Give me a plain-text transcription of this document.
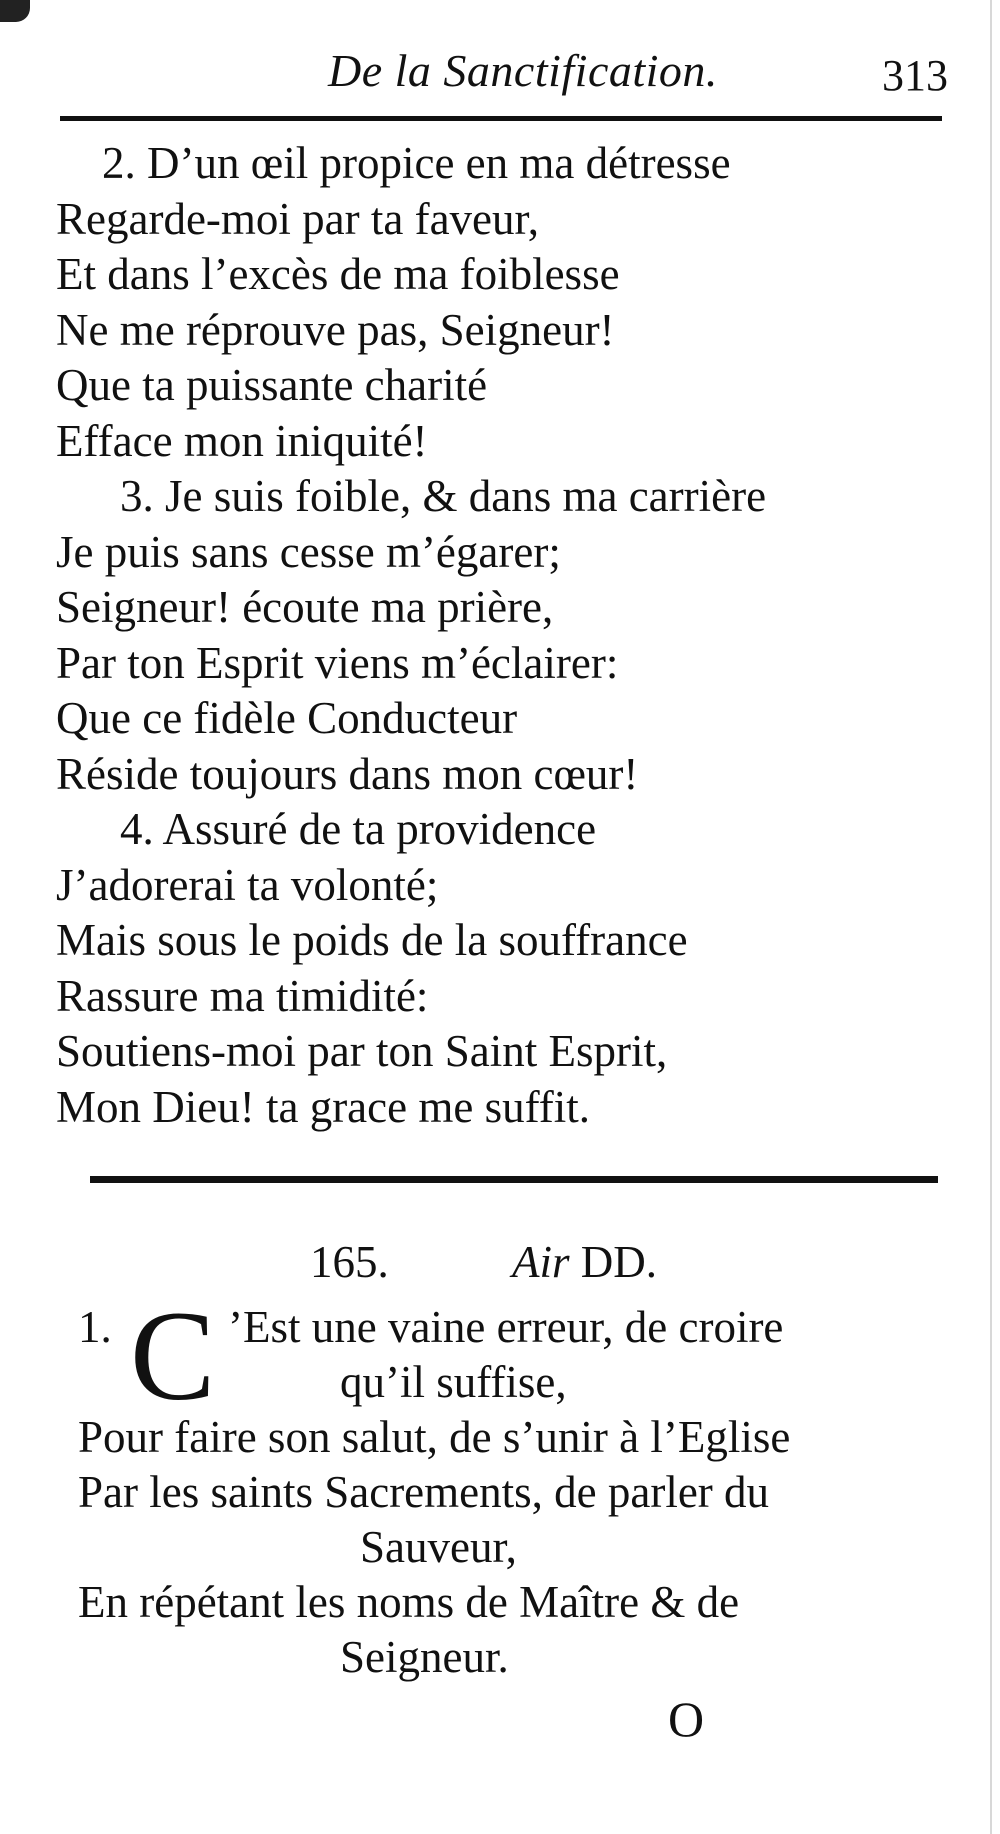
De la Sanctification.	313
2. D’un œil propice en ma détresse
Regarde-moi par ta faveur,
Et dans l’excès de ma foiblesse
Ne me réprouve pas, Seigneur!
Que ta puissante charité
Efface mon iniquité!
3. Je suis foible, & dans ma carrière
Je puis sans cesse m’égarer;
Seigneur! écoute ma prière,
Par ton Esprit viens m’éclairer:
Que ce fidèle Conducteur
Réside toujours dans mon cœur!
4. Assuré de ta providence
J’adorerai ta volonté;
Mais sous le poids de la souffrance
Rassure ma timidité:
Soutiens-moi par ton Saint Esprit,
Mon Dieu! ta grace me suffit.
165.	Air DD.
1. C ’Est une vaine erreur, de croire
qu’il suffise,
Pour faire son salut, de s’unir à l’Eglise
Par les saints Sacrements, de parler du
Sauveur,
En répétant les noms de Maître & de
Seigneur.
O
